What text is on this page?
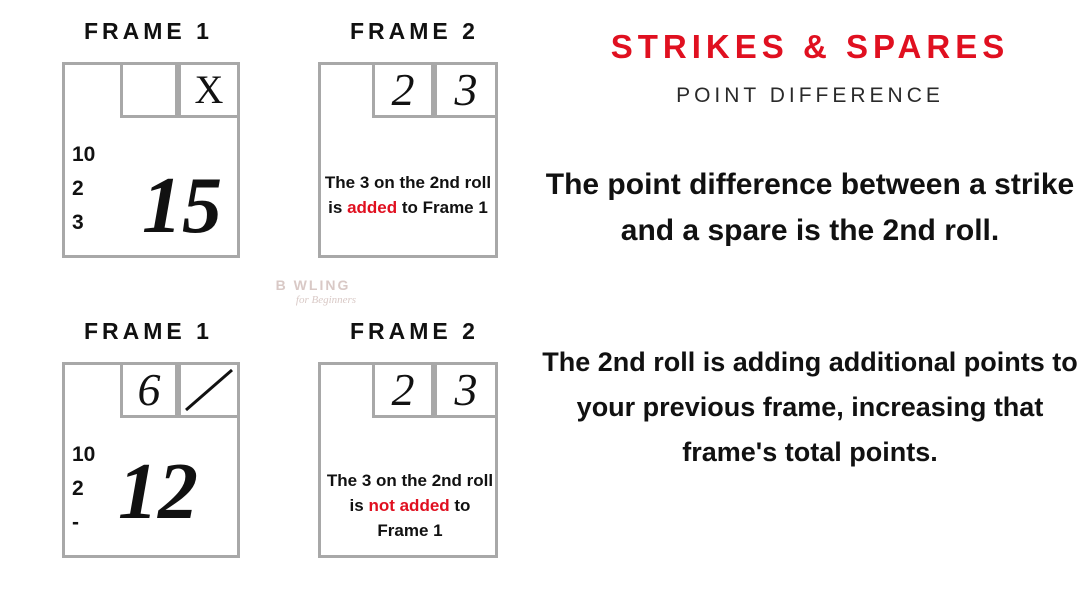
FRAME 1	FRAME 2
X
10
2
3 15
2 3
The 3 on the 2nd roll is added to Frame 1
B WLING
for Beginners
FRAME 1	FRAME 2
6
10
2
- 12
2 3
The 3 on the 2nd roll is not added to Frame 1
STRIKES & SPARES
POINT DIFFERENCE
The point difference between a strike and a spare is the 2nd roll.
The 2nd roll is adding additional points to your previous frame, increasing that frame's total points.
